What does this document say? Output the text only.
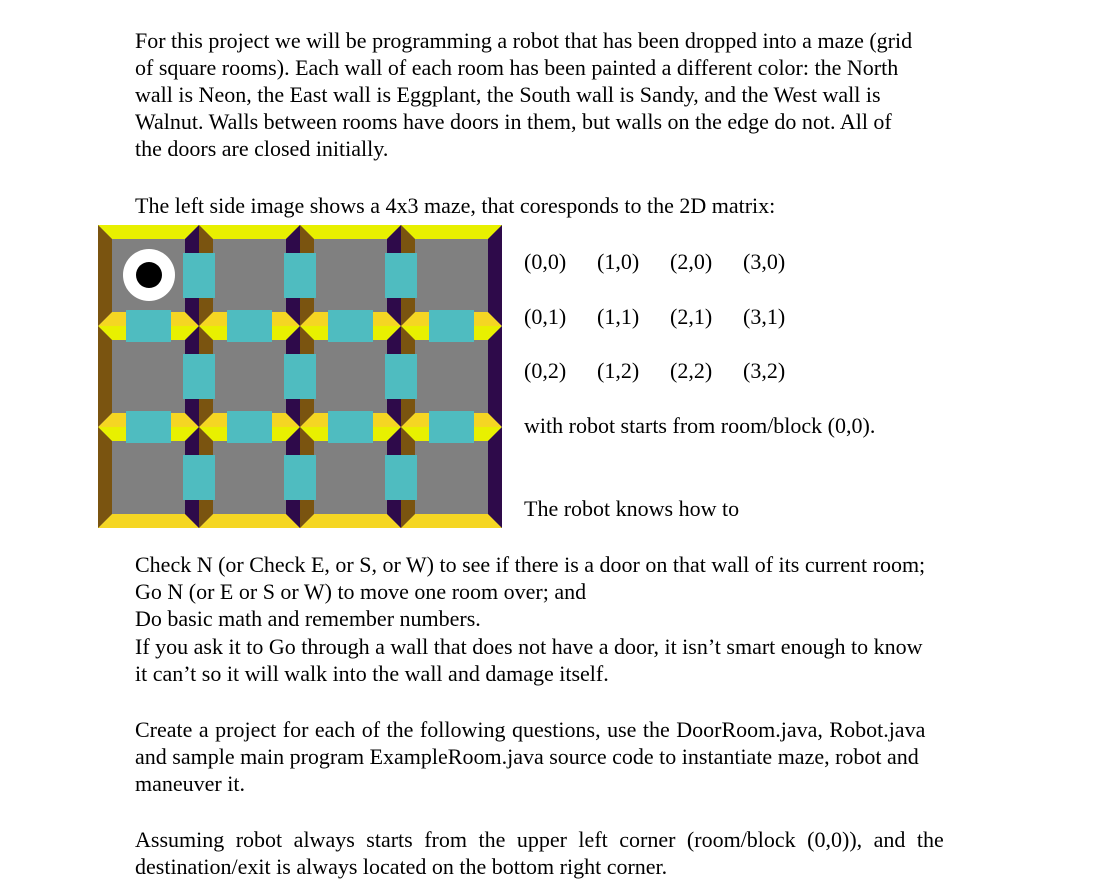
For this project we will be programming a robot that has been dropped into a maze (grid
of square rooms). Each wall of each room has been painted a different color: the North
wall is Neon, the East wall is Eggplant, the South wall is Sandy, and the West wall is
Walnut. Walls between rooms have doors in them, but walls on the edge do not. All of
the doors are closed initially.

The left side image shows a 4x3 maze, that coresponds to the 2D matrix:

(0,0) (1,0) (2,0) (3,0)
(0,1) (1,1) (2,1) (3,1)
(0,2) (1,2) (2,2) (3,2)
with robot starts from room/block (0,0).
The robot knows how to
Check N (or Check E, or S, or W) to see if there is a door on that wall of its current room;
Go N (or E or S or W) to move one room over; and
Do basic math and remember numbers.
If you ask it to Go through a wall that does not have a door, it isn’t smart enough to know
it can’t so it will walk into the wall and damage itself.
Create a project for each of the following questions, use the DoorRoom.java, Robot.java
and sample main program ExampleRoom.java source code to instantiate maze, robot and
maneuver it.
Assuming robot always starts from the upper left corner (room/block (0,0)), and the
destination/exit is always located on the bottom right corner.
